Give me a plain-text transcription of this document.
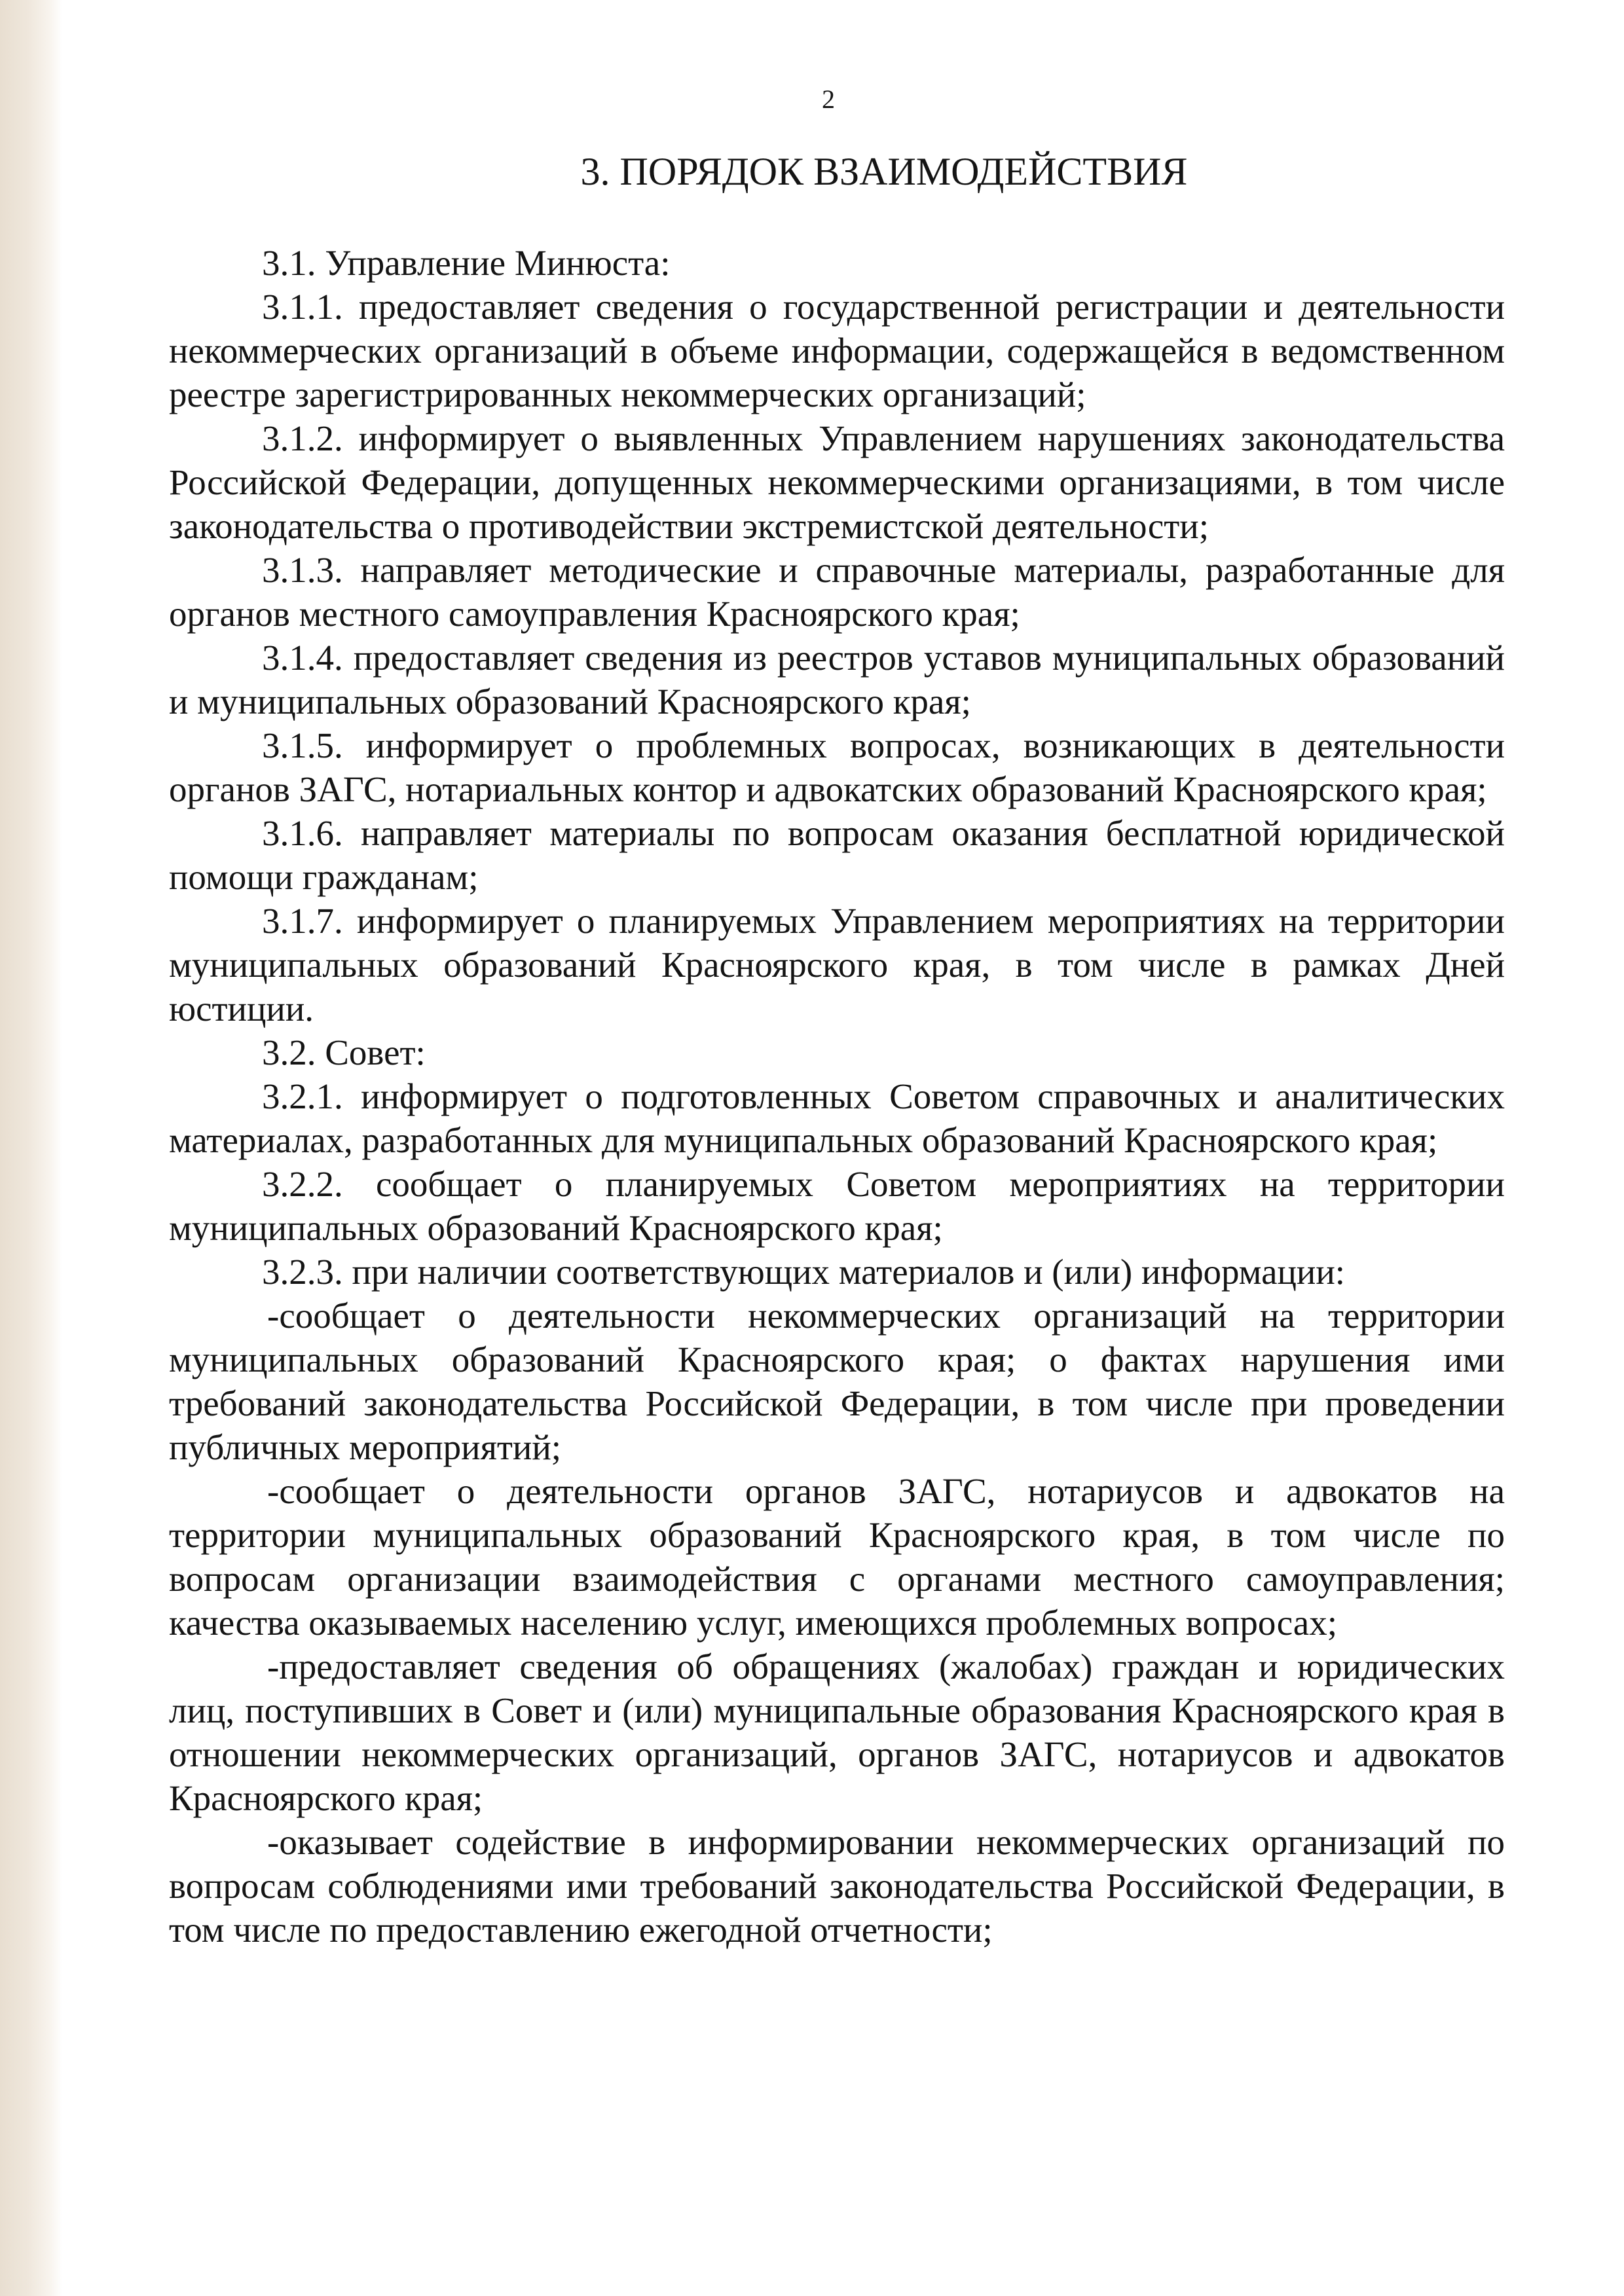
2
3. ПОРЯДОК ВЗАИМОДЕЙСТВИЯ

3.1. Управление Минюста:

3.1.1. предоставляет сведения о государственной регистрации и деятельности некоммерческих организаций в объеме информации, содержащейся в ведомственном реестре зарегистрированных некоммерческих организаций;

3.1.2. информирует о выявленных Управлением нарушениях законодательства Российской Федерации, допущенных некоммерческими организациями, в том числе законодательства о противодействии экстремистской деятельности;

3.1.3. направляет методические и справочные материалы, разработанные для органов местного самоуправления Красноярского края;

3.1.4. предоставляет сведения из реестров уставов муниципальных образований и муниципальных образований Красноярского края;

3.1.5. информирует о проблемных вопросах, возникающих в деятельности органов ЗАГС, нотариальных контор и адвокатских образований Красноярского края;

3.1.6. направляет материалы по вопросам оказания бесплатной юридической помощи гражданам;

3.1.7. информирует о планируемых Управлением мероприятиях на территории муниципальных образований Красноярского края, в том числе в рамках Дней юстиции.

3.2. Совет:

3.2.1. информирует о подготовленных Советом справочных и аналитических материалах, разработанных для муниципальных образований Красноярского края;

3.2.2. сообщает о планируемых Советом мероприятиях на территории муниципальных образований Красноярского края;

3.2.3. при наличии соответствующих материалов и (или) информации:

-сообщает о деятельности некоммерческих организаций на территории муниципальных образований Красноярского края; о фактах нарушения ими требований законодательства Российской Федерации, в том числе при проведении публичных мероприятий;

-сообщает о деятельности органов ЗАГС, нотариусов и адвокатов на территории муниципальных образований Красноярского края, в том числе по вопросам организации взаимодействия с органами местного самоуправления; качества оказываемых населению услуг, имеющихся проблемных вопросах;

-предоставляет сведения об обращениях (жалобах) граждан и юридических лиц, поступивших в Совет и (или) муниципальные образования Красноярского края в отношении некоммерческих организаций, органов ЗАГС, нотариусов и адвокатов Красноярского края;

-оказывает содействие в информировании некоммерческих организаций по вопросам соблюдениями ими требований законодательства Российской Федерации, в том числе по предоставлению ежегодной отчетности;
